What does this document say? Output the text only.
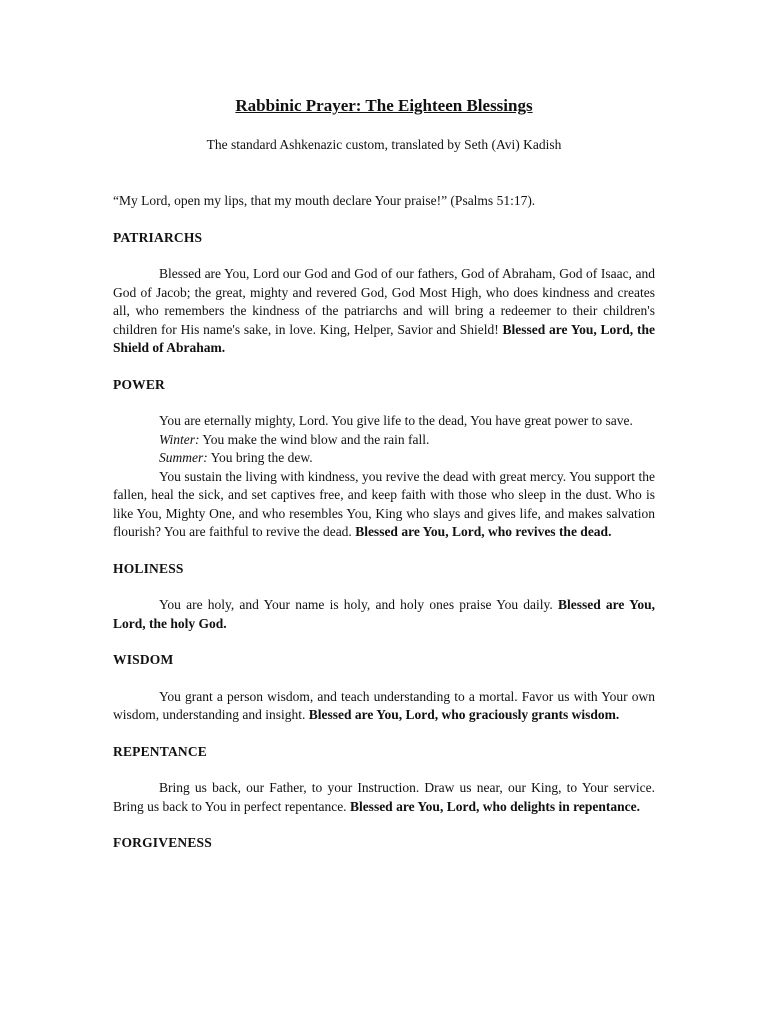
Rabbinic Prayer: The Eighteen Blessings

The standard Ashkenazic custom, translated by Seth (Avi) Kadish

“My Lord, open my lips, that my mouth declare Your praise!” (Psalms 51:17).

PATRIARCHS

Blessed are You, Lord our God and God of our fathers, God of Abraham, God of Isaac, and God of Jacob; the great, mighty and revered God, God Most High, who does kindness and creates all, who remembers the kindness of the patriarchs and will bring a redeemer to their children's children for His name's sake, in love. King, Helper, Savior and Shield! Blessed are You, Lord, the Shield of Abraham.

POWER

You are eternally mighty, Lord. You give life to the dead, You have great power to save.

Winter: You make the wind blow and the rain fall.

Summer: You bring the dew.

You sustain the living with kindness, you revive the dead with great mercy. You support the fallen, heal the sick, and set captives free, and keep faith with those who sleep in the dust. Who is like You, Mighty One, and who resembles You, King who slays and gives life, and makes salvation flourish? You are faithful to revive the dead. Blessed are You, Lord, who revives the dead.

HOLINESS

You are holy, and Your name is holy, and holy ones praise You daily. Blessed are You, Lord, the holy God.

WISDOM

You grant a person wisdom, and teach understanding to a mortal. Favor us with Your own wisdom, understanding and insight. Blessed are You, Lord, who graciously grants wisdom.

REPENTANCE

Bring us back, our Father, to your Instruction. Draw us near, our King, to Your service. Bring us back to You in perfect repentance. Blessed are You, Lord, who delights in repentance.

FORGIVENESS
